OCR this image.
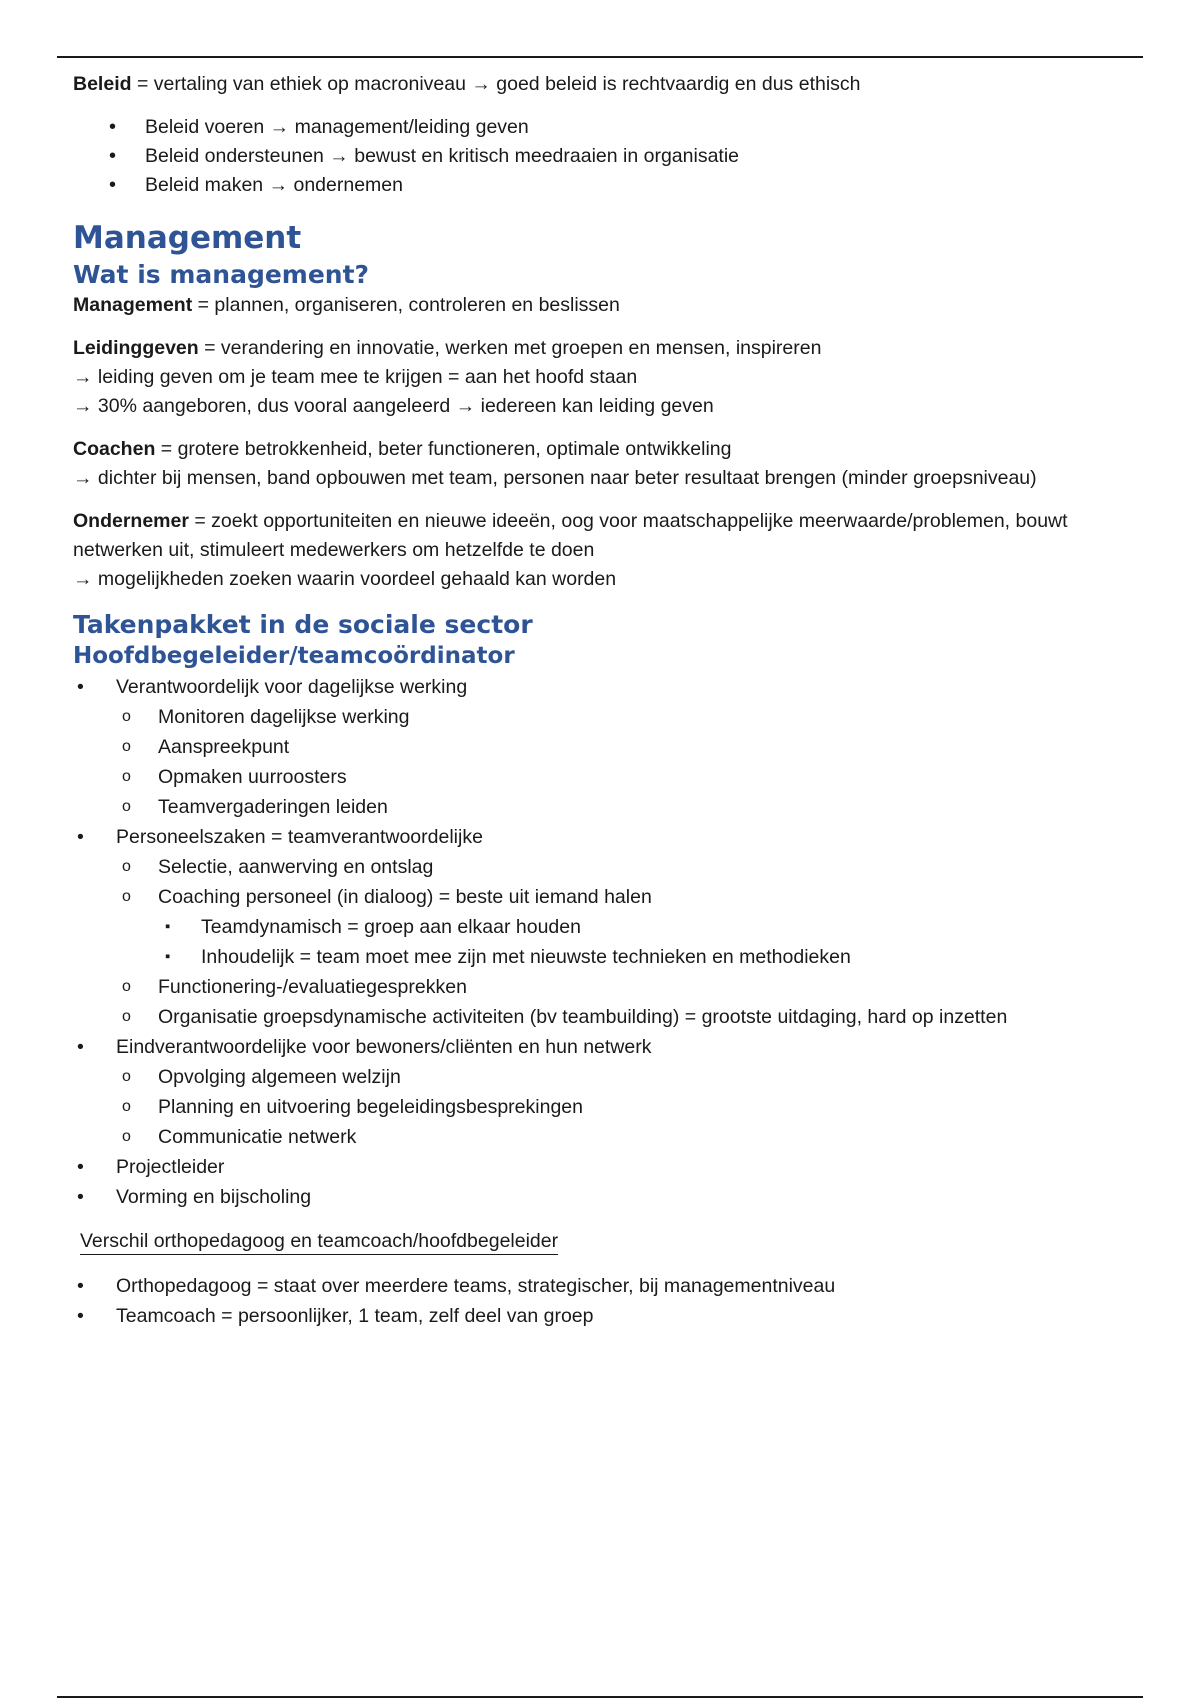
Beleid = vertaling van ethiek op macroniveau → goed beleid is rechtvaardig en dus ethisch

• Beleid voeren → management/leiding geven
• Beleid ondersteunen → bewust en kritisch meedraaien in organisatie
• Beleid maken → ondernemen
Management
Wat is management?

Management = plannen, organiseren, controleren en beslissen

Leidinggeven = verandering en innovatie, werken met groepen en mensen, inspireren
→ leiding geven om je team mee te krijgen = aan het hoofd staan
→ 30% aangeboren, dus vooral aangeleerd → iedereen kan leiding geven

Coachen = grotere betrokkenheid, beter functioneren, optimale ontwikkeling
→ dichter bij mensen, band opbouwen met team, personen naar beter resultaat brengen (minder groepsniveau)

Ondernemer = zoekt opportuniteiten en nieuwe ideeën, oog voor maatschappelijke meerwaarde/problemen, bouwt netwerken uit, stimuleert medewerkers om hetzelfde te doen
→ mogelijkheden zoeken waarin voordeel gehaald kan worden

Takenpakket in de sociale sector
Hoofdbegeleider/teamcoördinator
• Verantwoordelijk voor dagelijkse werking
o Monitoren dagelijkse werking
o Aanspreekpunt
o Opmaken uurroosters
o Teamvergaderingen leiden
• Personeelszaken = teamverantwoordelijke
o Selectie, aanwerving en ontslag
o Coaching personeel (in dialoog) = beste uit iemand halen
▪ Teamdynamisch = groep aan elkaar houden
▪ Inhoudelijk = team moet mee zijn met nieuwste technieken en methodieken
o Functionering-/evaluatiegesprekken
o Organisatie groepsdynamische activiteiten (bv teambuilding) = grootste uitdaging, hard op inzetten
• Eindverantwoordelijke voor bewoners/cliënten en hun netwerk
o Opvolging algemeen welzijn
o Planning en uitvoering begeleidingsbesprekingen
o Communicatie netwerk
• Projectleider
• Vorming en bijscholing
Verschil orthopedagoog en teamcoach/hoofdbegeleider
• Orthopedagoog = staat over meerdere teams, strategischer, bij managementniveau
• Teamcoach = persoonlijker, 1 team, zelf deel van groep
